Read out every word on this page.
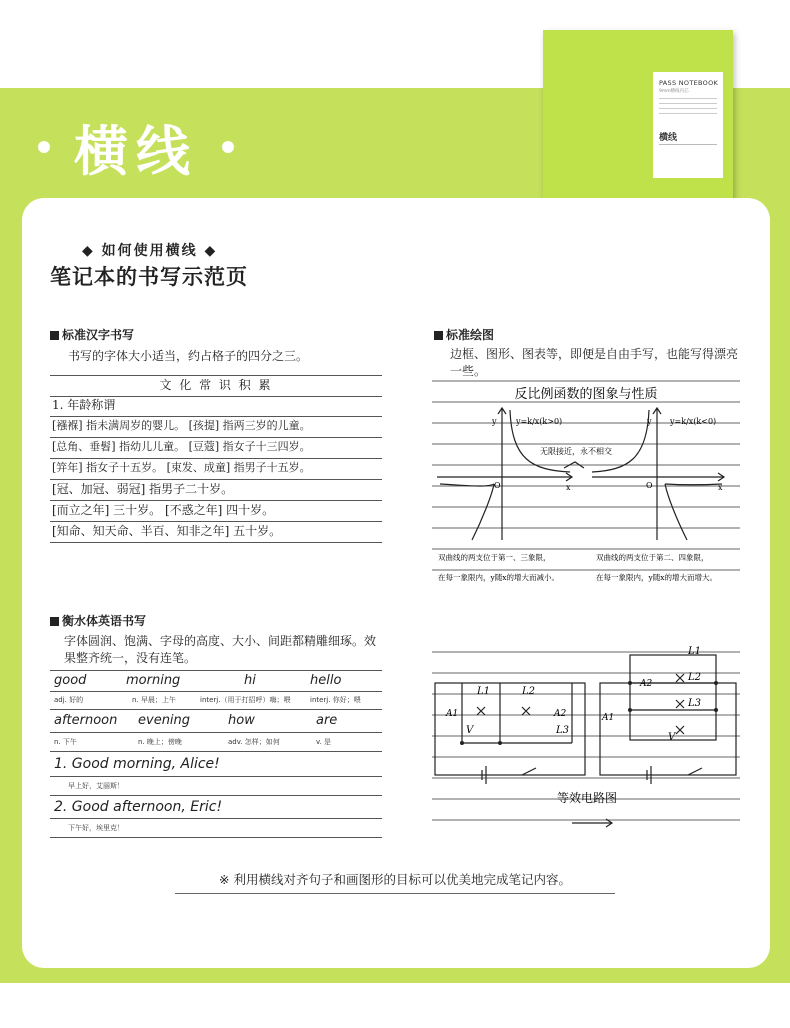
横线
PASS NOTEBOOK
9mm横线内芯
横线
◆ 如何使用横线 ◆
笔记本的书写示范页
标准汉字书写
书写的字体大小适当，约占格子的四分之三。
文 化 常 识 积 累
1. 年龄称谓
[襁褓] 指未满周岁的婴儿。 [孩提] 指两三岁的儿童。
[总角、垂髫] 指幼儿儿童。 [豆蔻] 指女子十三四岁。
[笄年] 指女子十五岁。 [束发、成童] 指男子十五岁。
[冠、加冠、弱冠] 指男子二十岁。
[而立之年] 三十岁。 [不惑之年] 四十岁。
[知命、知天命、半百、知非之年] 五十岁。
标准绘图
边框、图形、图表等，即便是自由手写，也能写得漂亮一些。
反比例函数的图象与性质
y y=k/x(k>0)	y y=k/x(k<0)
无限接近，永不相交
O	x	O	x
双曲线的两支位于第一、三象限，
在每一象限内，y随x的增大而减小。
双曲线的两支位于第二、四象限，
在每一象限内，y随x的增大而增大。
L1	L2
A2
A1
L3
V
A1
A2
L1
L2
L3
V
等效电路图
衡水体英语书写
字体圆润、饱满、字母的高度、大小、间距都精雕细琢。效果整齐统一，没有连笔。
good	morning	hi	hello
adj. 好的	n. 早晨；上午	interj.（用于打招呼）嗨；喂	interj. 你好；喂
afternoon evening	how	are
n. 下午	n. 晚上；傍晚	adv. 怎样；如何	v. 是
1. Good morning, Alice!
早上好，艾丽斯！
2. Good afternoon, Eric!
下午好，埃里克！
※ 利用横线对齐句子和画图形的目标可以优美地完成笔记内容。
